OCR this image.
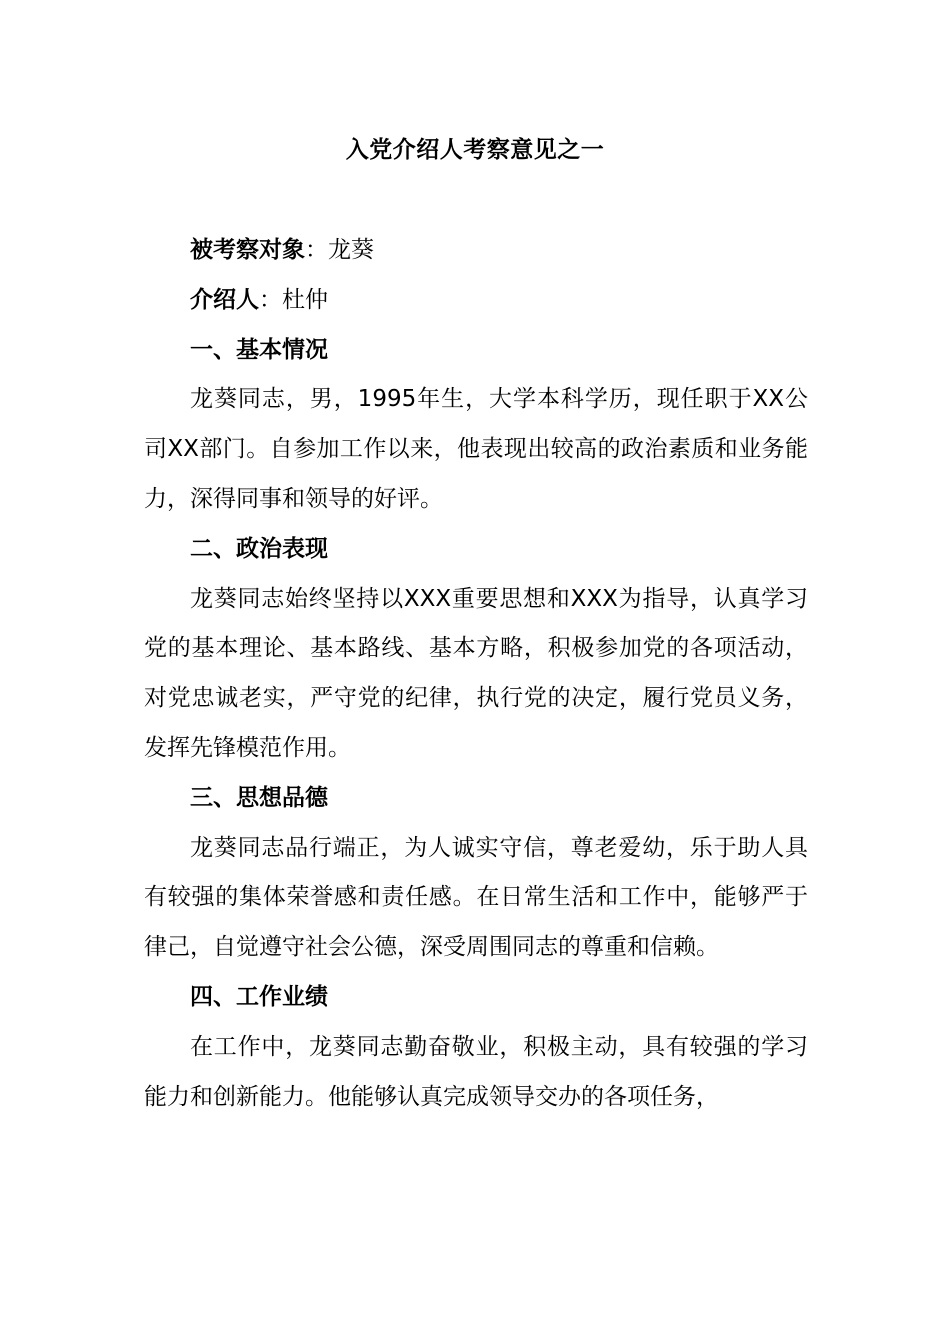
入党介绍人考察意见之一

被考察对象：龙葵

介绍人：杜仲

一、基本情况

龙葵同志，男，1995年生，大学本科学历，现任职于XX公司XX部门。自参加工作以来，他表现出较高的政治素质和业务能力，深得同事和领导的好评。

二、政治表现

龙葵同志始终坚持以XXX重要思想和XXX为指导，认真学习党的基本理论、基本路线、基本方略，积极参加党的各项活动，对党忠诚老实，严守党的纪律，执行党的决定，履行党员义务，发挥先锋模范作用。

三、思想品德

龙葵同志品行端正，为人诚实守信，尊老爱幼，乐于助人具有较强的集体荣誉感和责任感。在日常生活和工作中，能够严于律己，自觉遵守社会公德，深受周围同志的尊重和信赖。

四、工作业绩

在工作中，龙葵同志勤奋敬业，积极主动，具有较强的学习能力和创新能力。他能够认真完成领导交办的各项任务，
